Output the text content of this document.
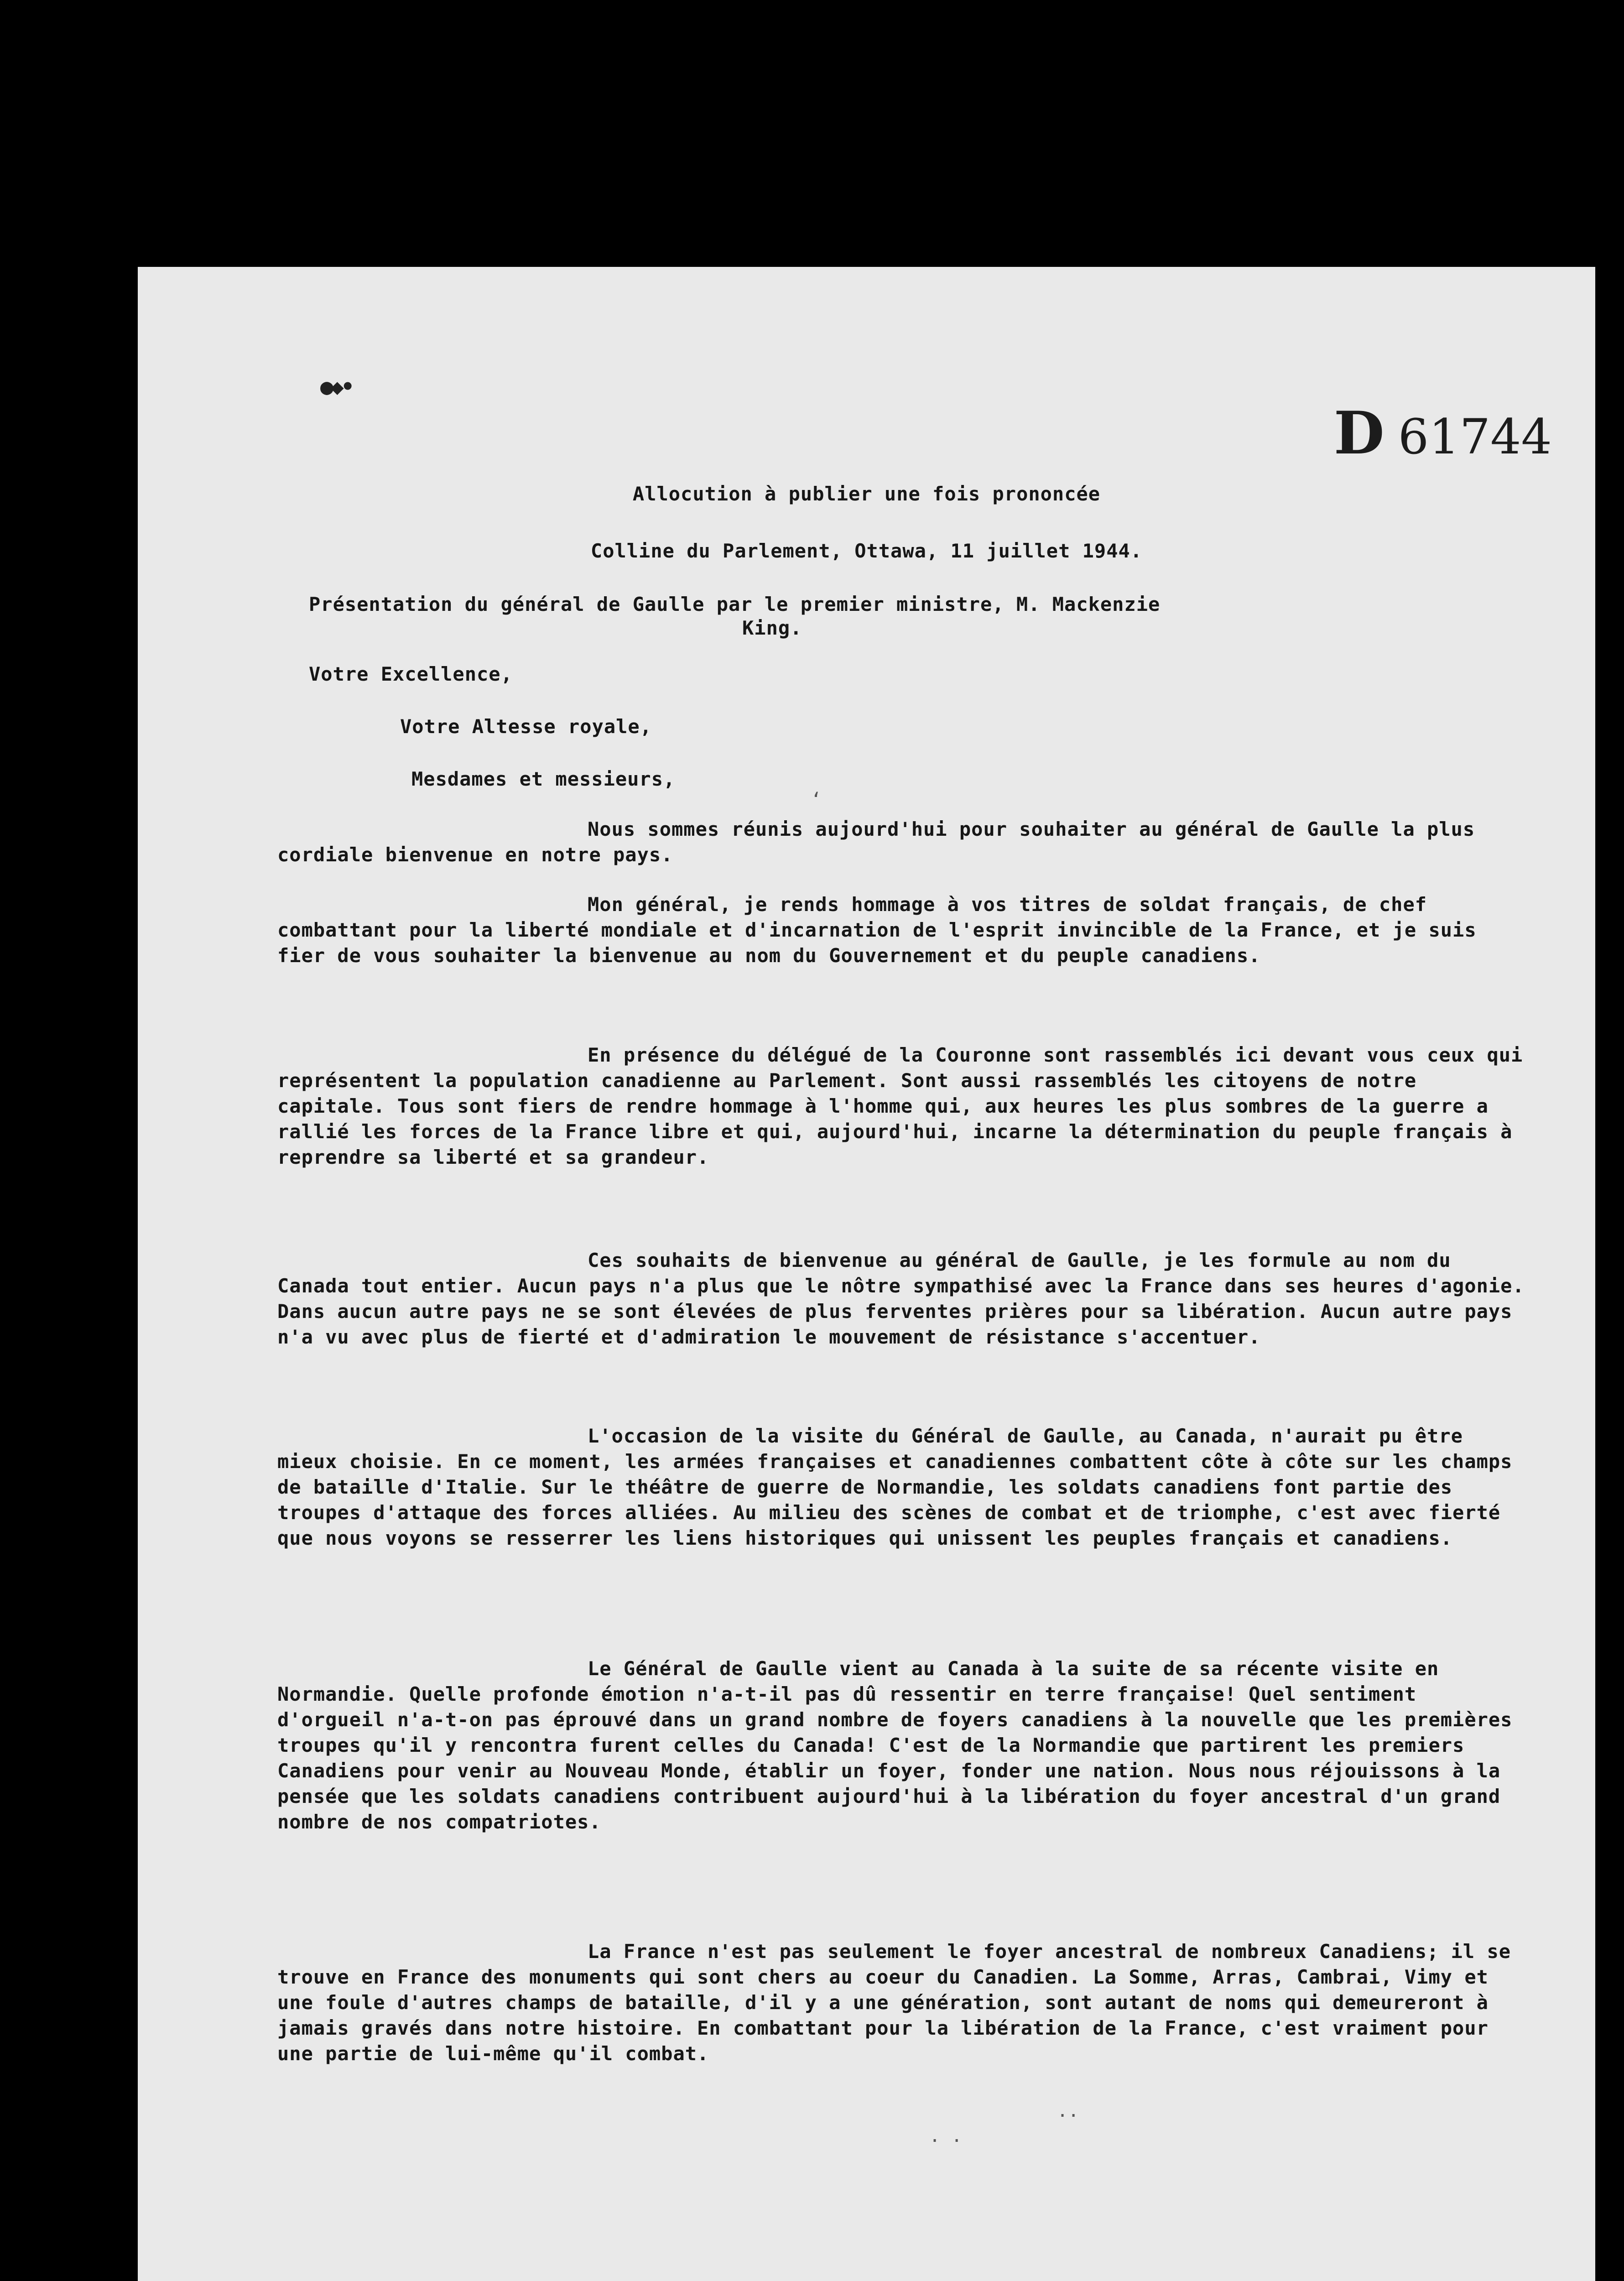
●◆•
D 61744
Allocution à publier une fois prononcée
Colline du Parlement, Ottawa, 11 juillet 1944.
Présentation du général de Gaulle par le premier ministre, M. Mackenzie
King.
Votre Excellence,
Votre Altesse royale,
Mesdames et messieurs,
‘
Nous sommes réunis aujourd'hui pour souhaiter au général de Gaulle la plus cordiale bienvenue en notre pays.
Mon général, je rends hommage à vos titres de soldat français, de chef combattant pour la liberté mondiale et d'incarnation de l'esprit invincible de la France, et je suis fier de vous souhaiter la bienvenue au nom du Gouvernement et du peuple canadiens.
En présence du délégué de la Couronne sont rassemblés ici devant vous ceux qui représentent la population canadienne au Parlement. Sont aussi rassemblés les citoyens de notre capitale. Tous sont fiers de rendre hommage à l'homme qui, aux heures les plus sombres de la guerre a rallié les forces de la France libre et qui, aujourd'hui, incarne la détermination du peuple français à reprendre sa liberté et sa grandeur.
Ces souhaits de bienvenue au général de Gaulle, je les formule au nom du Canada tout entier. Aucun pays n'a plus que le nôtre sympathisé avec la France dans ses heures d'agonie. Dans aucun autre pays ne se sont élevées de plus ferventes prières pour sa libération. Aucun autre pays n'a vu avec plus de fierté et d'admiration le mouvement de résistance s'accentuer.
L'occasion de la visite du Général de Gaulle, au Canada, n'aurait pu être mieux choisie. En ce moment, les armées françaises et canadiennes combattent côte à côte sur les champs de bataille d'Italie. Sur le théâtre de guerre de Normandie, les soldats canadiens font partie des troupes d'attaque des forces alliées. Au milieu des scènes de combat et de triomphe, c'est avec fierté que nous voyons se resserrer les liens historiques qui unissent les peuples français et canadiens.
Le Général de Gaulle vient au Canada à la suite de sa récente visite en Normandie. Quelle profonde émotion n'a-t-il pas dû ressentir en terre française! Quel sentiment d'orgueil n'a-t-on pas éprouvé dans un grand nombre de foyers canadiens à la nouvelle que les premières troupes qu'il y rencontra furent celles du Canada! C'est de la Normandie que partirent les premiers Canadiens pour venir au Nouveau Monde, établir un foyer, fonder une nation. Nous nous réjouissons à la pensée que les soldats canadiens contribuent aujourd'hui à la libération du foyer ancestral d'un grand nombre de nos compatriotes.
La France n'est pas seulement le foyer ancestral de nombreux Canadiens; il se trouve en France des monuments qui sont chers au coeur du Canadien. La Somme, Arras, Cambrai, Vimy et une foule d'autres champs de bataille, d'il y a une génération, sont autant de noms qui demeureront à jamais gravés dans notre histoire. En combattant pour la libération de la France, c'est vraiment pour une partie de lui-même qu'il combat.
··
· ·
